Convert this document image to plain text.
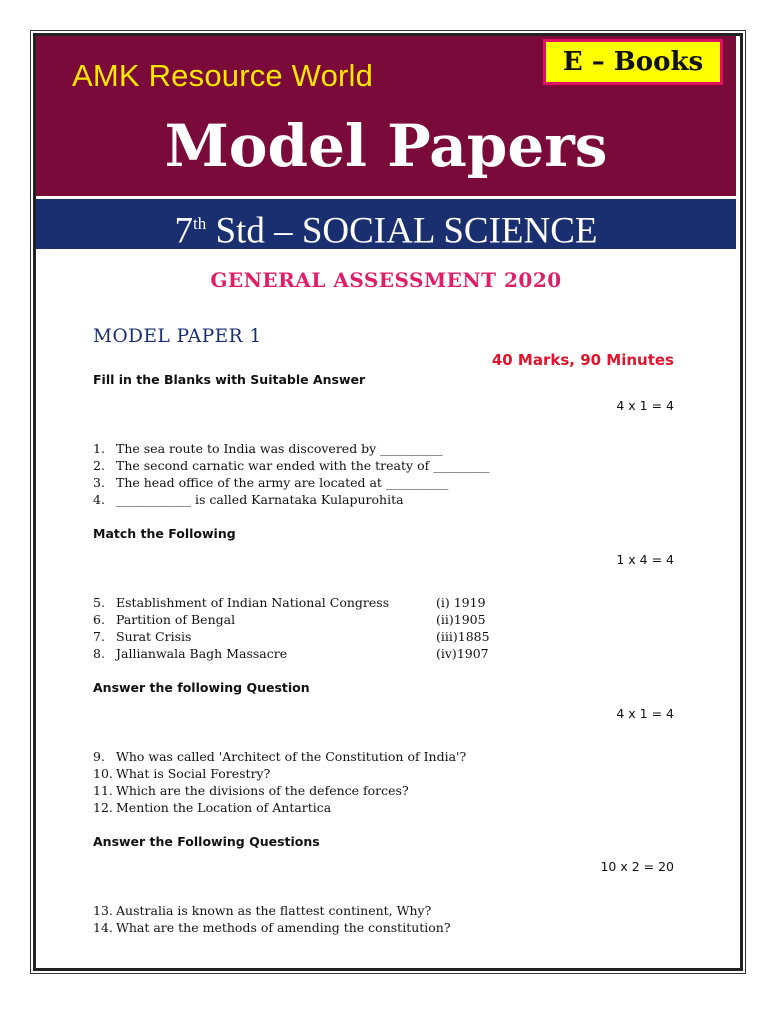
AMK Resource World	E – Books
Model Papers
7th Std – SOCIAL SCIENCE
GENERAL ASSESSMENT 2020
MODEL PAPER 1
40 Marks, 90 Minutes
Fill in the Blanks with Suitable Answer
4 x 1 = 4
1. The sea route to India was discovered by __________
2. The second carnatic war ended with the treaty of _________
3. The head office of the army are located at __________
4. ____________ is called Karnataka Kulapurohita
Match the Following
1 x 4 = 4
5. Establishment of Indian National Congress	(i) 1919
6. Partition of Bengal	(ii)1905
7. Surat Crisis	(iii)1885
8. Jallianwala Bagh Massacre	(iv)1907
Answer the following Question
4 x 1 = 4
9. Who was called 'Architect of the Constitution of India'?
10. What is Social Forestry?
11. Which are the divisions of the defence forces?
12. Mention the Location of Antartica
Answer the Following Questions
10 x 2 = 20
13. Australia is known as the flattest continent, Why?
14. What are the methods of amending the constitution?
